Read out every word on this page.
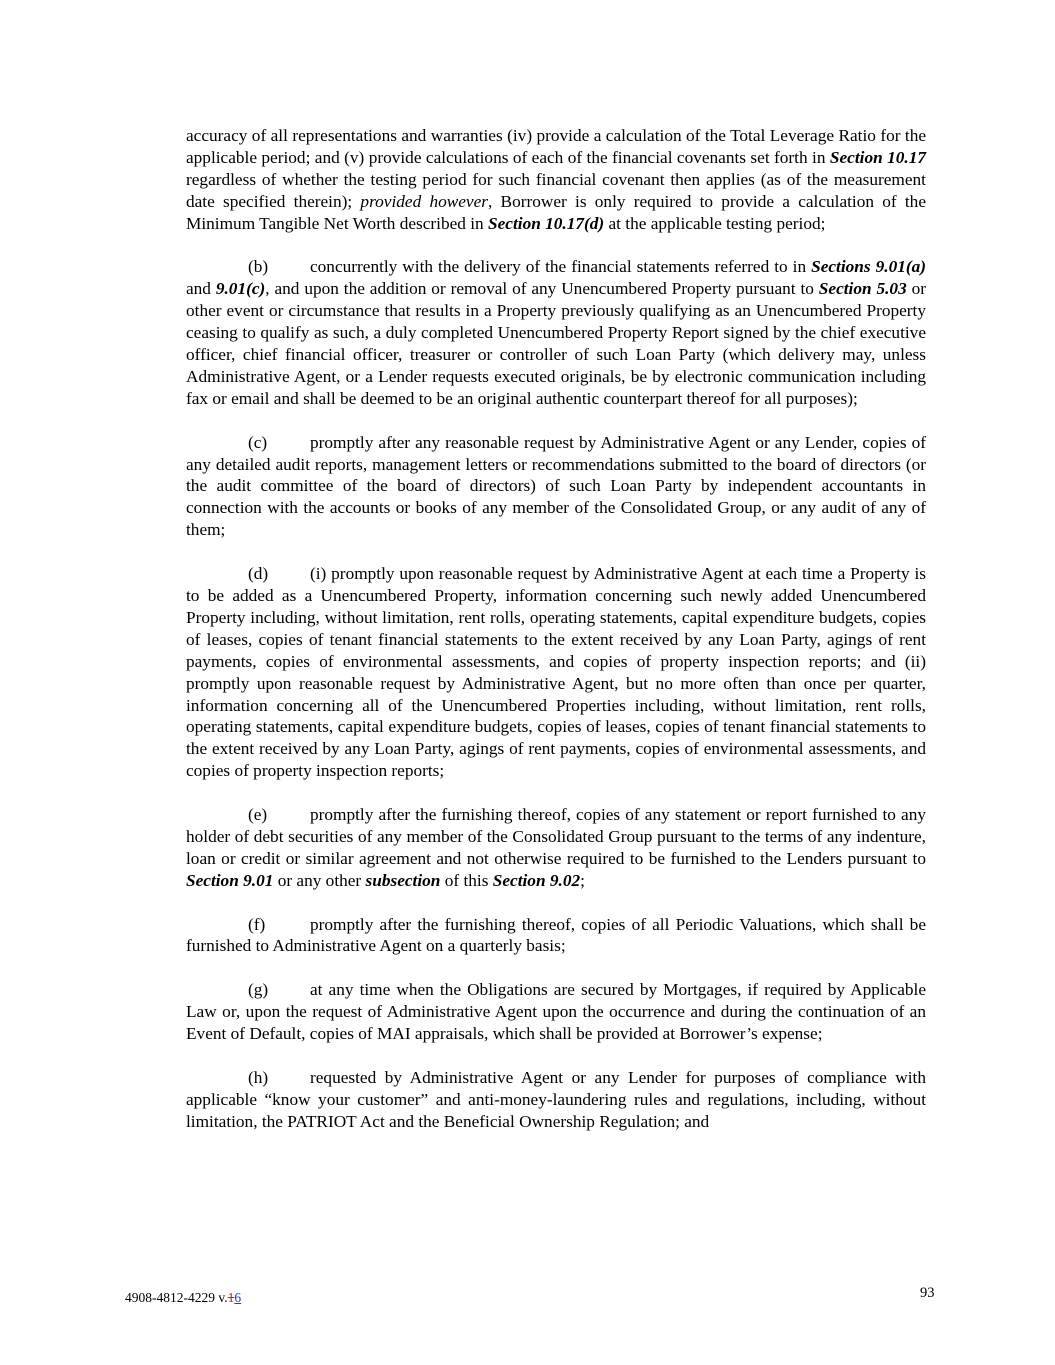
accuracy of all representations and warranties (iv) provide a calculation of the Total Leverage Ratio for the applicable period; and (v) provide calculations of each of the financial covenants set forth in Section 10.17 regardless of whether the testing period for such financial covenant then applies (as of the measurement date specified therein); provided however, Borrower is only required to provide a calculation of the Minimum Tangible Net Worth described in Section 10.17(d) at the applicable testing period;

(b) concurrently with the delivery of the financial statements referred to in Sections 9.01(a) and 9.01(c), and upon the addition or removal of any Unencumbered Property pursuant to Section 5.03 or other event or circumstance that results in a Property previously qualifying as an Unencumbered Property ceasing to qualify as such, a duly completed Unencumbered Property Report signed by the chief executive officer, chief financial officer, treasurer or controller of such Loan Party (which delivery may, unless Administrative Agent, or a Lender requests executed originals, be by electronic communication including fax or email and shall be deemed to be an original authentic counterpart thereof for all purposes);

(c) promptly after any reasonable request by Administrative Agent or any Lender, copies of any detailed audit reports, management letters or recommendations submitted to the board of directors (or the audit committee of the board of directors) of such Loan Party by independent accountants in connection with the accounts or books of any member of the Consolidated Group, or any audit of any of them;

(d) (i) promptly upon reasonable request by Administrative Agent at each time a Property is to be added as a Unencumbered Property, information concerning such newly added Unencumbered Property including, without limitation, rent rolls, operating statements, capital expenditure budgets, copies of leases, copies of tenant financial statements to the extent received by any Loan Party, agings of rent payments, copies of environmental assessments, and copies of property inspection reports; and (ii) promptly upon reasonable request by Administrative Agent, but no more often than once per quarter, information concerning all of the Unencumbered Properties including, without limitation, rent rolls, operating statements, capital expenditure budgets, copies of leases, copies of tenant financial statements to the extent received by any Loan Party, agings of rent payments, copies of environmental assessments, and copies of property inspection reports;

(e) promptly after the furnishing thereof, copies of any statement or report furnished to any holder of debt securities of any member of the Consolidated Group pursuant to the terms of any indenture, loan or credit or similar agreement and not otherwise required to be furnished to the Lenders pursuant to Section 9.01 or any other subsection of this Section 9.02;

(f)	promptly after the furnishing thereof, copies of all Periodic Valuations, which shall be furnished to Administrative Agent on a quarterly basis;

(g) at any time when the Obligations are secured by Mortgages, if required by Applicable Law or, upon the request of Administrative Agent upon the occurrence and during the continuation of an Event of Default, copies of MAI appraisals, which shall be provided at Borrower’s expense;

(h) requested by Administrative Agent or any Lender for purposes of compliance with applicable “know your customer” and anti-money-laundering rules and regulations, including, without limitation, the PATRIOT Act and the Beneficial Ownership Regulation; and

4908-4812-4229 v.16	93
